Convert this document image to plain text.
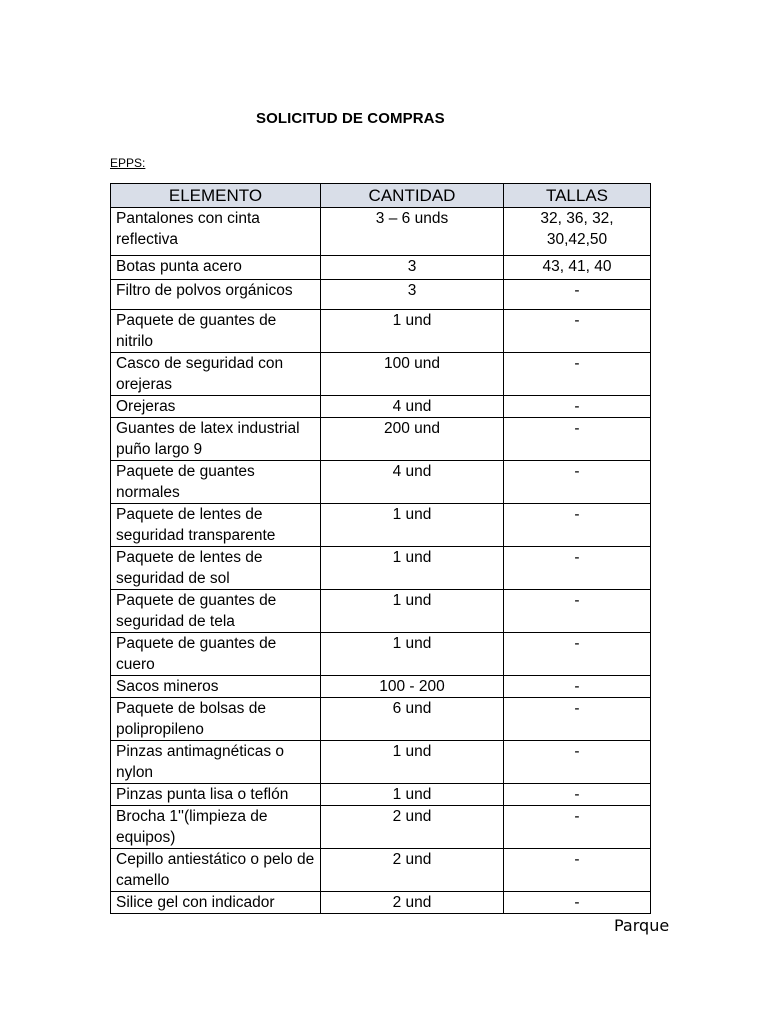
SOLICITUD DE COMPRAS
EPPS:
ELEMENTO	CANTIDAD	TALLAS
Pantalones con cinta reflectiva	3 – 6 unds	32, 36, 32, 30,42,50
Botas punta acero	3	43, 41, 40
Filtro de polvos orgánicos	3	-
Paquete de guantes de nitrilo	1 und	-
Casco de seguridad con orejeras	100 und	-
Orejeras	4 und	-
Guantes de latex industrial puño largo 9	200 und	-
Paquete de guantes normales	4 und	-
Paquete de lentes de seguridad transparente	1 und	-
Paquete de lentes de seguridad de sol	1 und	-
Paquete de guantes de seguridad de tela	1 und	-
Paquete de guantes de cuero	1 und	-
Sacos mineros	100 - 200	-
Paquete de bolsas de polipropileno	6 und	-
Pinzas antimagnéticas o nylon	1 und	-
Pinzas punta lisa o teflón	1 und	-
Brocha 1''(limpieza de equipos)	2 und	-
Cepillo antiestático o pelo de camello	2 und	-
Silice gel con indicador	2 und	-
Parque
